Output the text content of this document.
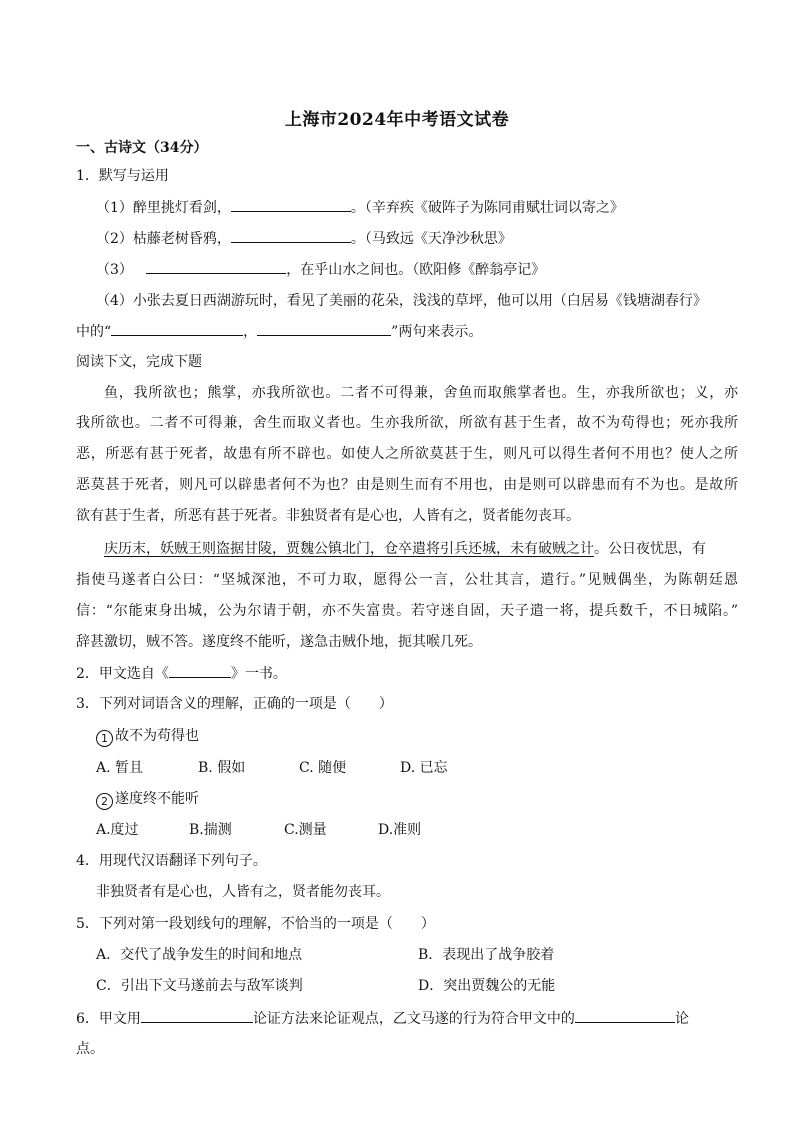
上海市2024年中考语文试卷
一、古诗文（34分）
1．默写与运用
（1）醉里挑灯看剑，	。（辛弃疾《破阵子为陈同甫赋壮词以寄之》
（2）枯藤老树昏鸦，	。（马致远《天净沙秋思》
（3）	，在乎山水之间也。（欧阳修《醉翁亭记》
（4）小张去夏日西湖游玩时，看见了美丽的花朵，浅浅的草坪，他可以用（白居易《钱塘湖春行》
中的“	，	”两句来表示。
阅读下文，完成下题
鱼，我所欲也；熊掌，亦我所欲也。二者不可得兼，舍鱼而取熊掌者也。生，亦我所欲也；义，亦
我所欲也。二者不可得兼，舍生而取义者也。生亦我所欲，所欲有甚于生者，故不为苟得也；死亦我所
恶，所恶有甚于死者，故患有所不辟也。如使人之所欲莫甚于生，则凡可以得生者何不用也？使人之所
恶莫甚于死者，则凡可以辟患者何不为也？由是则生而有不用也，由是则可以辟患而有不为也。是故所
欲有甚于生者，所恶有甚于死者。非独贤者有是心也，人皆有之，贤者能勿丧耳。
庆历末，妖贼王则盗据甘陵，贾魏公镇北门，仓卒遣将引兵还城，未有破贼之计。公日夜忧思，有
指使马遂者白公曰：“坚城深池，不可力取，愿得公一言，公壮其言，遣行。”见贼偶坐，为陈朝廷恩
信：“尔能束身出城，公为尔请于朝，亦不失富贵。若守迷自固，天子遣一将，提兵数千，不日城陷。”
辞甚激切，贼不答。遂度终不能听，遂急击贼仆地，扼其喉几死。
2．甲文选自《	》一书。
3．下列对词语含义的理解，正确的一项是（　　）
1 故不为苟得也
A. 暂且	B. 假如	C. 随便	D. 已忘
2 遂度终不能听
A.度过	B.揣测	C.测量	D.准则
4．用现代汉语翻译下列句子。
非独贤者有是心也，人皆有之，贤者能勿丧耳。
5．下列对第一段划线句的理解，不恰当的一项是（　　）
A．交代了战争发生的时间和地点	B．表现出了战争胶着
C．引出下文马遂前去与敌军谈判	D．突出贾魏公的无能
6．甲文用	论证方法来论证观点，乙文马遂的行为符合甲文中的	论
点。
